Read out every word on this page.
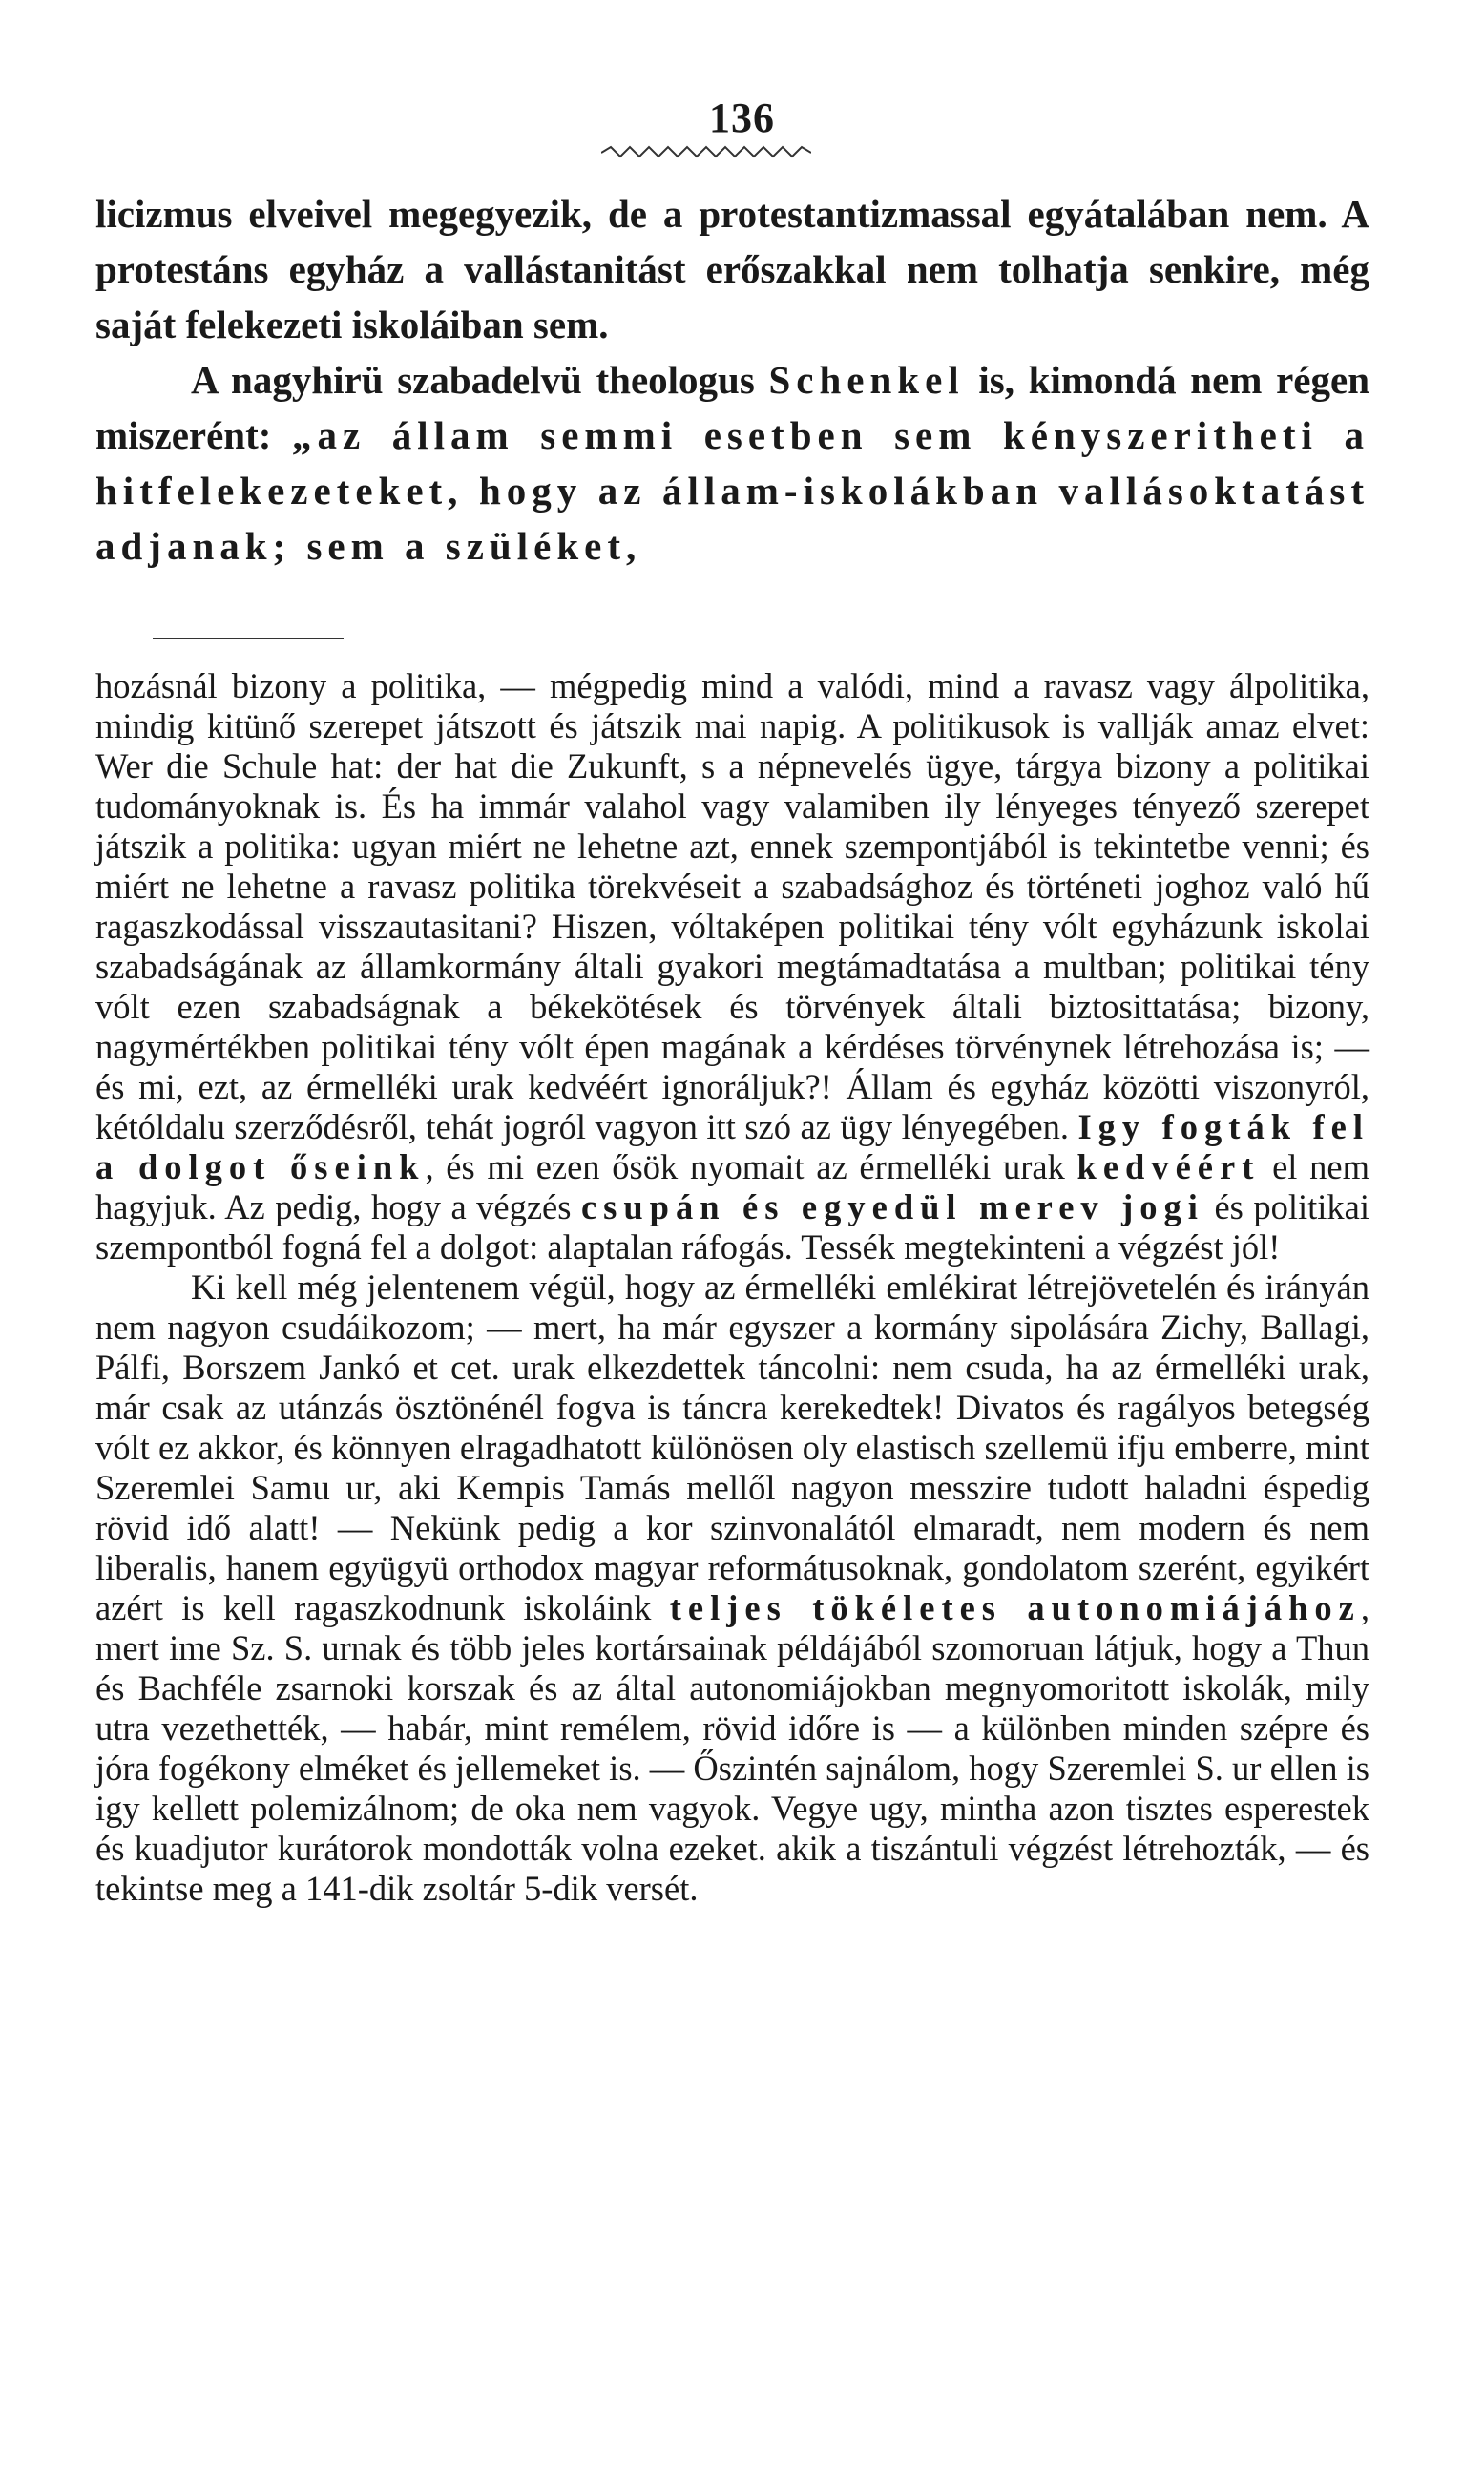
136

licizmus elveivel megegyezik, de a protestantizmassal egyátalában nem. A protestáns egyház a vallástanitást erőszakkal nem tolhatja senkire, még saját felekezeti iskoláiban sem.

A nagyhirü szabadelvü theologus Schenkel is, kimondá nem régen miszerént: „az állam semmi esetben sem kényszeritheti a hitfelekezeteket, hogy az állam-iskolákban vallásoktatást adjanak; sem a szüléket,

hozásnál bizony a politika, — mégpedig mind a valódi, mind a ravasz vagy álpolitika, mindig kitünő szerepet játszott és játszik mai napig. A politikusok is vallják amaz elvet: Wer die Schule hat: der hat die Zukunft, s a népnevelés ügye, tárgya bizony a politikai tudományoknak is. És ha immár valahol vagy valamiben ily lényeges tényező szerepet játszik a politika: ugyan miért ne lehetne azt, ennek szempontjából is tekintetbe venni; és miért ne lehetne a ravasz politika törekvéseit a szabadsághoz és történeti joghoz való hű ragaszkodással visszautasitani? Hiszen, vóltaképen politikai tény vólt egyházunk iskolai szabadságának az államkormány általi gyakori megtámadtatása a multban; politikai tény vólt ezen szabadságnak a békekötések és törvények általi biztosittatása; bizony, nagymértékben politikai tény vólt épen magának a kérdéses törvénynek létrehozása is; — és mi, ezt, az érmelléki urak kedvéért ignoráljuk?! Állam és egyház közötti viszonyról, kétóldalu szerződésről, tehát jogról vagyon itt szó az ügy lényegében. Igy fogták fel a dolgot őseink, és mi ezen ősök nyomait az érmelléki urak kedvéért el nem hagyjuk. Az pedig, hogy a végzés csupán és egyedül merev jogi és politikai szempontból fogná fel a dolgot: alaptalan ráfogás. Tessék megtekinteni a végzést jól!

Ki kell még jelentenem végül, hogy az érmelléki emlékirat létrejövetelén és irányán nem nagyon csudáikozom; — mert, ha már egyszer a kormány sipolására Zichy, Ballagi, Pálfi, Borszem Jankó et cet. urak elkezdettek táncolni: nem csuda, ha az érmelléki urak, már csak az utánzás ösztönénél fogva is táncra kerekedtek! Divatos és ragályos betegség vólt ez akkor, és könnyen elragadhatott különösen oly elastisch szellemü ifju emberre, mint Szeremlei Samu ur, aki Kempis Tamás mellől nagyon messzire tudott haladni éspedig rövid idő alatt! — Nekünk pedig a kor szinvonalától elmaradt, nem modern és nem liberalis, hanem együgyü orthodox magyar reformátusoknak, gondolatom szerént, egyikért azért is kell ragaszkodnunk iskoláink teljes tökéletes autonomiájához, mert ime Sz. S. urnak és több jeles kortársainak példájából szomoruan látjuk, hogy a Thun és Bachféle zsarnoki korszak és az által autonomiájokban megnyomoritott iskolák, mily utra vezethették, — habár, mint remélem, rövid időre is — a különben minden szépre és jóra fogékony elméket és jellemeket is. — Őszintén sajnálom, hogy Szeremlei S. ur ellen is igy kellett polemizálnom; de oka nem vagyok. Vegye ugy, mintha azon tisztes esperestek és kuadjutor kurátorok mondották volna ezeket. akik a tiszántuli végzést létrehozták, — és tekintse meg a 141-dik zsoltár 5-dik versét.
